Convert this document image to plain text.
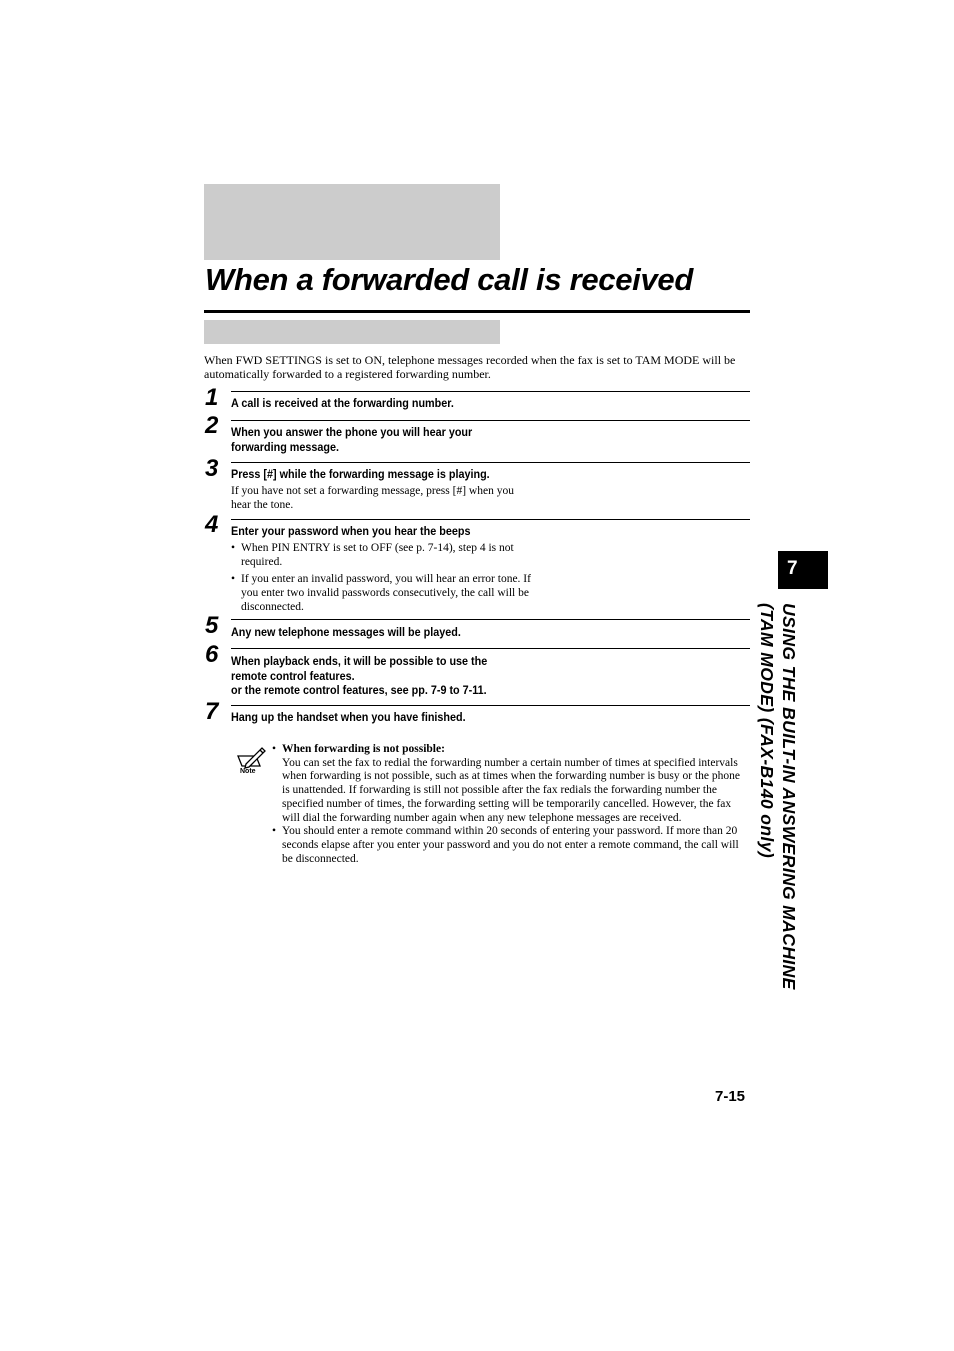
When a forwarded call is received

When FWD SETTINGS is set to ON, telephone messages recorded when the fax is set to TAM MODE will be automatically forwarded to a registered forwarding number.

1 A call is received at the forwarding number.
2 When you answer the phone you will hear your
forwarding message.
3 Press [#] while the forwarding message is playing.
If you have not set a forwarding message, press [#] when you hear the tone.
4 Enter your password when you hear the beeps
• When PIN ENTRY is set to OFF (see p. 7-14), step 4 is not required.
• If you enter an invalid password, you will hear an error tone. If you enter two invalid passwords consecutively, the call will be disconnected.
5 Any new telephone messages will be played.
6 When playback ends, it will be possible to use the
remote control features.
or the remote control features, see pp. 7-9 to 7-11.
7 Hang up the handset when you have finished.
Note

• When forwarding is not possible:
You can set the fax to redial the forwarding number a certain number of times at specified intervals when forwarding is not possible, such as at times when the forwarding number is busy or the phone is unattended. If forwarding is still not possible after the fax redials the forwarding number the specified number of times, the forwarding setting will be temporarily cancelled. However, the fax will dial the forwarding number again when any new telephone messages are received.

• You should enter a remote command within 20 seconds of entering your password. If more than 20 seconds elapse after you enter your password and you do not enter a remote command, the call will be disconnected.

7
USING THE BUILT-IN ANSWERING MACHINE
(TAM MODE) (FAX-B140 only)
7-15
